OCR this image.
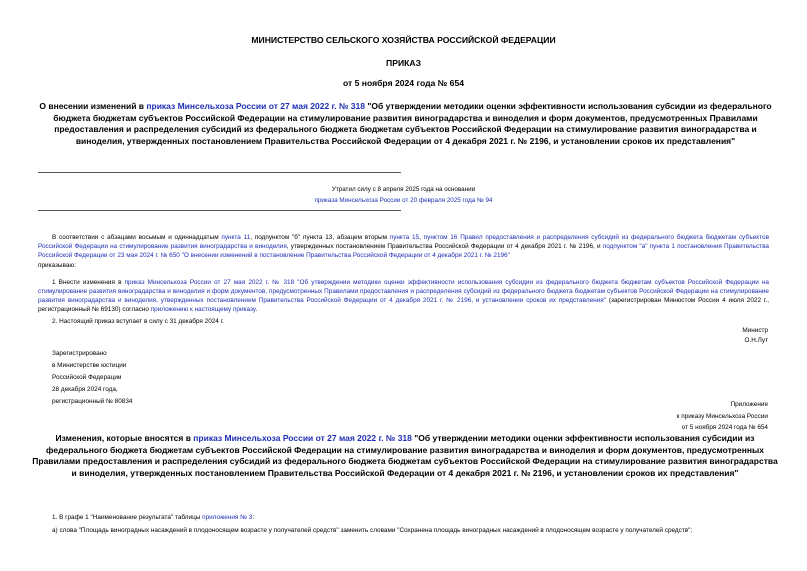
МИНИСТЕРСТВО СЕЛЬСКОГО ХОЗЯЙСТВА РОССИЙСКОЙ ФЕДЕРАЦИИ
ПРИКАЗ
от 5 ноября 2024 года № 654
О внесении изменений в приказ Минсельхоза России от 27 мая 2022 г. № 318 "Об утверждении методики оценки эффективности использования субсидии из федерального бюджета бюджетам субъектов Российской Федерации на стимулирование развития виноградарства и виноделия и форм документов, предусмотренных Правилами предоставления и распределения субсидий из федерального бюджета бюджетам субъектов Российской Федерации на стимулирование развития виноградарства и виноделия, утвержденных постановлением Правительства Российской Федерации от 4 декабря 2021 г. № 2196, и установлении сроков их представления"
Утратил силу с 8 апреля 2025 года на основании
приказа Минсельхоза России от 20 февраля 2025 года № 94
В соответствии с абзацами восьмым и одиннадцатым пункта 11, подпунктом "б" пункта 13, абзацем вторым пункта 15, пунктом 16 Правил предоставления и распределения субсидий из федерального бюджета бюджетам субъектов Российской Федерации на стимулирование развития виноградарства и виноделия, утвержденных постановлением Правительства Российской Федерации от 4 декабря 2021 г. № 2196, и подпунктом "а" пункта 1 постановления Правительства Российской Федерации от 23 мая 2024 г. № 650 "О внесении изменений в постановление Правительства Российской Федерации от 4 декабря 2021 г. № 2196"
приказываю:
1 Внести изменения в приказ Минсельхоза России от 27 мая 2022 г. № 318 "Об утверждении методики оценки эффективности использования субсидии из федерального бюджета бюджетам субъектов Российской Федерации на стимулирование развития виноградарства и виноделия и форм документов, предусмотренных Правилами предоставления и распределения субсидий из федерального бюджета бюджетам субъектов Российской Федерации на стимулирование развития виноградарства и виноделия, утвержденных постановлением Правительства Российской Федерации от 4 декабря 2021 г. № 2196, и установлении сроков их представления" (зарегистрирован Минюстом России 4 июля 2022 г., регистрационный № 69130) согласно приложению к настоящему приказу.
2. Настоящий приказ вступает в силу с 31 декабря 2024 г.
Министр
О.Н.Лут
Зарегистрировано
в Министерстве юстиции
Российской Федерации
28 декабря 2024 года,
регистрационный № 80834	Приложение
к приказу Минсельхоза России
от 5 ноября 2024 года № 654
Изменения, которые вносятся в приказ Минсельхоза России от 27 мая 2022 г. № 318 "Об утверждении методики оценки эффективности использования субсидии из федерального бюджета бюджетам субъектов Российской Федерации на стимулирование развития виноградарства и виноделия и форм документов, предусмотренных Правилами предоставления и распределения субсидий из федерального бюджета бюджетам субъектов Российской Федерации на стимулирование развития виноградарства и виноделия, утвержденных постановлением Правительства Российской Федерации от 4 декабря 2021 г. № 2196, и установлении сроков их представления"
1. В графе 1 "Наименование результата" таблицы приложения № 3:
а) слова "Площадь виноградных насаждений в плодоносящем возрасте у получателей средств" заменить словами "Сохранена площадь виноградных насаждений в плодоносящем возрасте у получателей средств";
